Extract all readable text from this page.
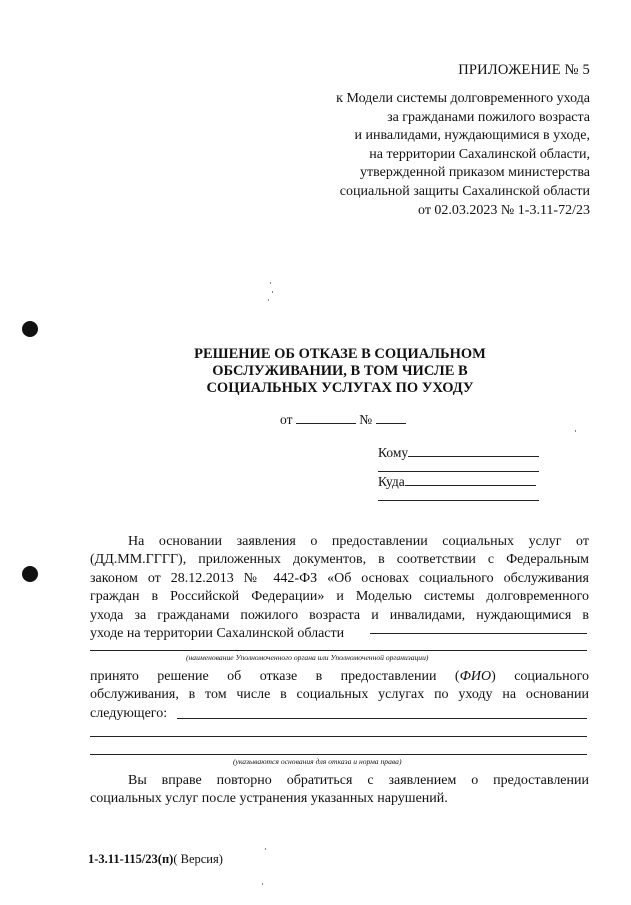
ПРИЛОЖЕНИЕ № 5
к Модели системы долговременного ухода
за гражданами пожилого возраста
и инвалидами, нуждающимися в уходе,
на территории Сахалинской области,
утвержденной приказом министерства
социальной защиты Сахалинской области
от 02.03.2023 № 1-3.11-72/23
РЕШЕНИЕ ОБ ОТКАЗЕ В СОЦИАЛЬНОМ
ОБСЛУЖИВАНИИ, В ТОМ ЧИСЛЕ В
СОЦИАЛЬНЫХ УСЛУГАХ ПО УХОДУ
от	№
Кому
Куда
На основании заявления о предоставлении социальных услуг от
(ДД.ММ.ГГГГ), приложенных документов, в соответствии с Федеральным
законом от 28.12.2013 № 442-ФЗ «Об основах социального обслуживания
граждан в Российской Федерации» и Моделью системы долговременного
ухода за гражданами пожилого возраста и инвалидами, нуждающимися в
уходе на территории Сахалинской области
(наименование Уполномоченного органа или Уполномоченной организации)
принято решение об отказе в предоставлении (ФИО) социального
обслуживания, в том числе в социальных услугах по уходу на основании
следующего:
(указываются основания для отказа и норма права)
Вы вправе повторно обратиться с заявлением о предоставлении
социальных услуг после устранения указанных нарушений.
1-3.11-115/23(п)( Версия)
